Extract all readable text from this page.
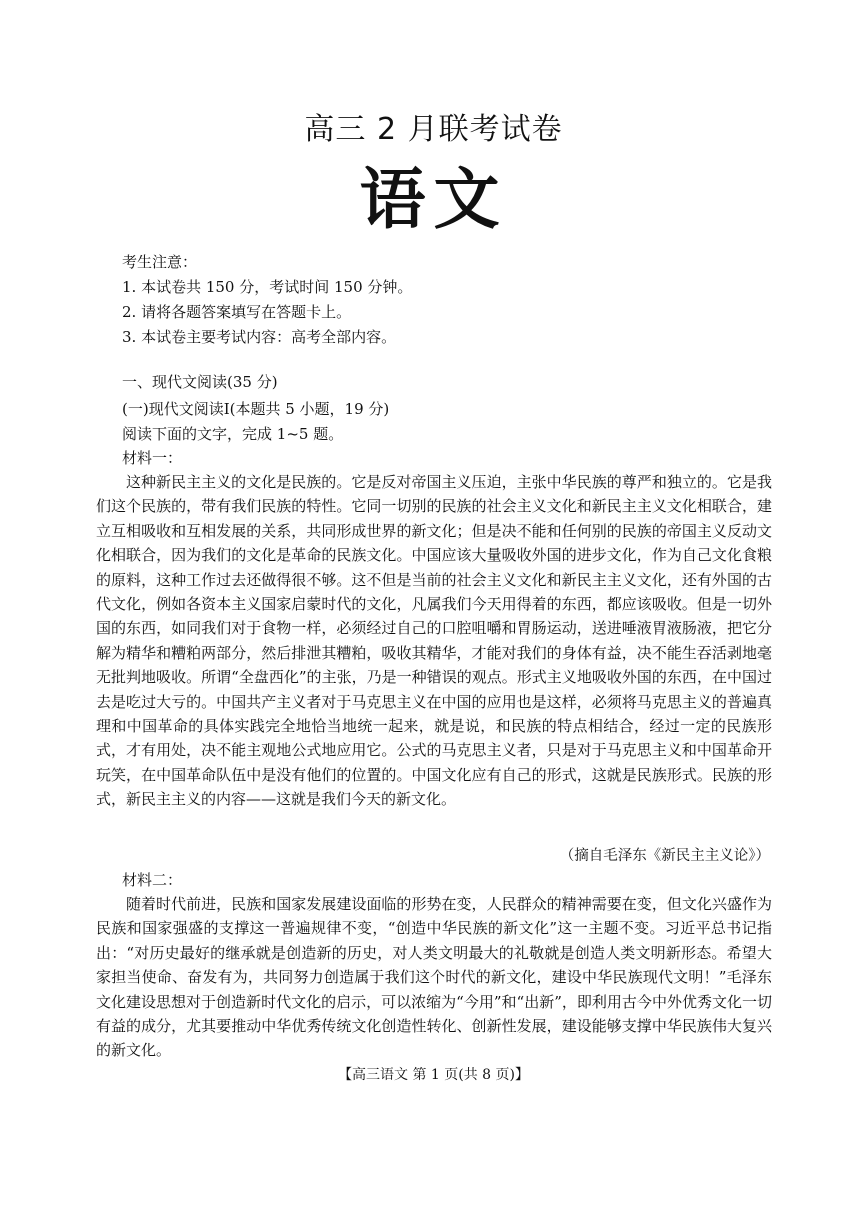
高三 2 月联考试卷
语文
考生注意：
1. 本试卷共 150 分，考试时间 150 分钟。
2. 请将各题答案填写在答题卡上。
3. 本试卷主要考试内容：高考全部内容。
一、现代文阅读(35 分)
(一)现代文阅读Ⅰ(本题共 5 小题，19 分)
阅读下面的文字，完成 1~5 题。
材料一：

这种新民主主义的文化是民族的。它是反对帝国主义压迫，主张中华民族的尊严和独立的。它是我们这个民族的，带有我们民族的特性。它同一切别的民族的社会主义文化和新民主主义文化相联合，建立互相吸收和互相发展的关系，共同形成世界的新文化；但是决不能和任何别的民族的帝国主义反动文化相联合，因为我们的文化是革命的民族文化。中国应该大量吸收外国的进步文化，作为自己文化食粮的原料，这种工作过去还做得很不够。这不但是当前的社会主义文化和新民主主义文化，还有外国的古代文化，例如各资本主义国家启蒙时代的文化，凡属我们今天用得着的东西，都应该吸收。但是一切外国的东西，如同我们对于食物一样，必须经过自己的口腔咀嚼和胃肠运动，送进唾液胃液肠液，把它分解为精华和糟粕两部分，然后排泄其糟粕，吸收其精华，才能对我们的身体有益，决不能生吞活剥地毫无批判地吸收。所谓“全盘西化”的主张，乃是一种错误的观点。形式主义地吸收外国的东西，在中国过去是吃过大亏的。中国共产主义者对于马克思主义在中国的应用也是这样，必须将马克思主义的普遍真理和中国革命的具体实践完全地恰当地统一起来，就是说，和民族的特点相结合，经过一定的民族形式，才有用处，决不能主观地公式地应用它。公式的马克思主义者，只是对于马克思主义和中国革命开玩笑，在中国革命队伍中是没有他们的位置的。中国文化应有自己的形式，这就是民族形式。民族的形式，新民主主义的内容——这就是我们今天的新文化。

（摘自毛泽东《新民主主义论》）
材料二：

随着时代前进，民族和国家发展建设面临的形势在变，人民群众的精神需要在变，但文化兴盛作为民族和国家强盛的支撑这一普遍规律不变，“创造中华民族的新文化”这一主题不变。习近平总书记指出：“对历史最好的继承就是创造新的历史，对人类文明最大的礼敬就是创造人类文明新形态。希望大家担当使命、奋发有为，共同努力创造属于我们这个时代的新文化，建设中华民族现代文明！”毛泽东文化建设思想对于创造新时代文化的启示，可以浓缩为“今用”和“出新”，即利用古今中外优秀文化一切有益的成分，尤其要推动中华优秀传统文化创造性转化、创新性发展，建设能够支撑中华民族伟大复兴的新文化。

【高三语文 第 1 页(共 8 页)】
